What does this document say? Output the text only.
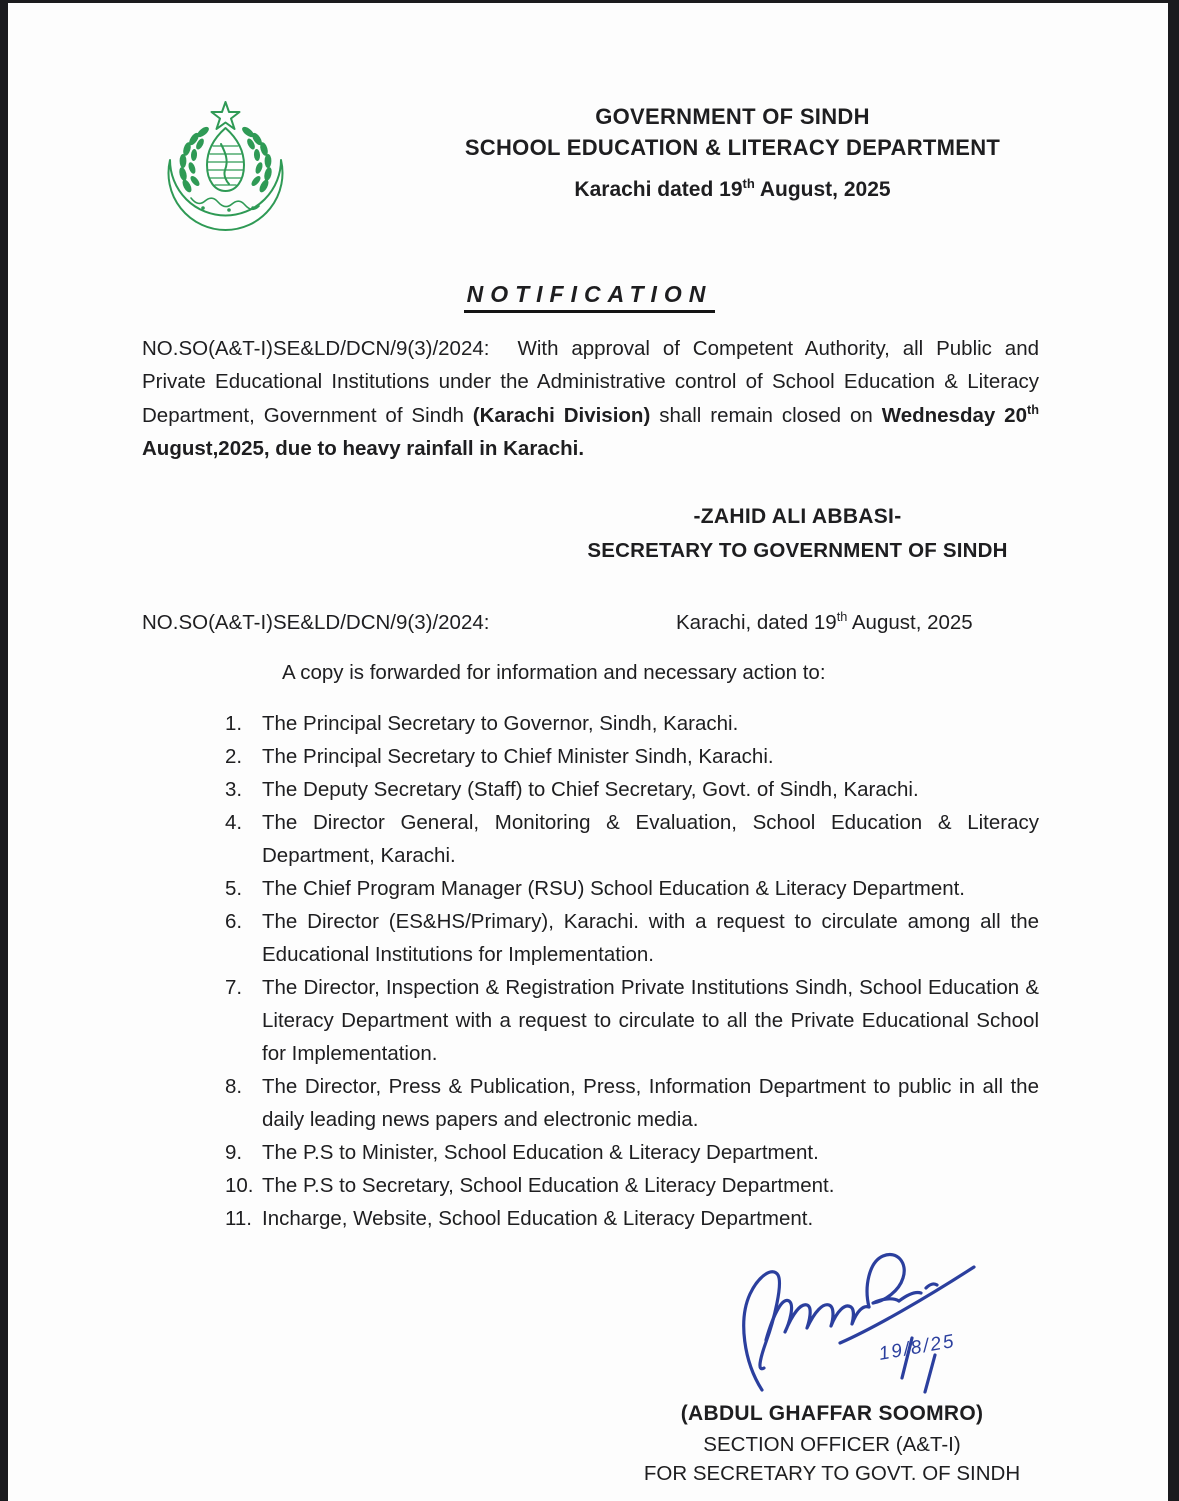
GOVERNMENT OF SINDH
SCHOOL EDUCATION & LITERACY DEPARTMENT
Karachi dated 19th August, 2025
NOTIFICATION
NO.SO(A&T-I)SE&LD/DCN/9(3)/2024: With approval of Competent Authority, all Public and Private Educational Institutions under the Administrative control of School Education & Literacy Department, Government of Sindh (Karachi Division) shall remain closed on Wednesday 20th August,2025, due to heavy rainfall in Karachi.
-ZAHID ALI ABBASI-
SECRETARY TO GOVERNMENT OF SINDH
NO.SO(A&T-I)SE&LD/DCN/9(3)/2024:	Karachi, dated 19th August, 2025
A copy is forwarded for information and necessary action to:
1. The Principal Secretary to Governor, Sindh, Karachi.
2. The Principal Secretary to Chief Minister Sindh, Karachi.
3. The Deputy Secretary (Staff) to Chief Secretary, Govt. of Sindh, Karachi.
4. The Director General, Monitoring & Evaluation, School Education & Literacy Department, Karachi.
5. The Chief Program Manager (RSU) School Education & Literacy Department.
6. The Director (ES&HS/Primary), Karachi. with a request to circulate among all the Educational Institutions for Implementation.
7. The Director, Inspection & Registration Private Institutions Sindh, School Education & Literacy Department with a request to circulate to all the Private Educational School for Implementation.
8. The Director, Press & Publication, Press, Information Department to public in all the daily leading news papers and electronic media.
9. The P.S to Minister, School Education & Literacy Department.
10. The P.S to Secretary, School Education & Literacy Department.
11. Incharge, Website, School Education & Literacy Department.
19/8/25
(ABDUL GHAFFAR SOOMRO)
SECTION OFFICER (A&T-I)
FOR SECRETARY TO GOVT. OF SINDH
